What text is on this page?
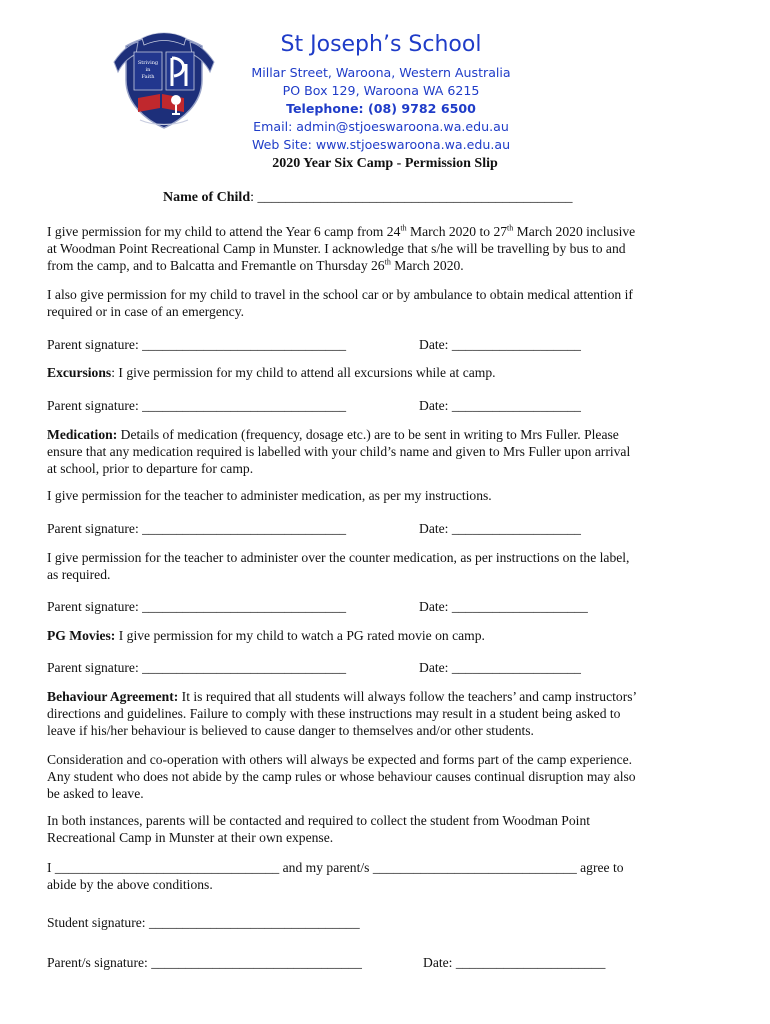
Striving
in
Faith
St Joseph’s School
Millar Street, Waroona, Western Australia
PO Box 129, Waroona WA 6215
Telephone: (08) 9782 6500
Email: admin@stjoeswaroona.wa.edu.au
Web Site: www.stjoeswaroona.wa.edu.au
2020 Year Six Camp - Permission Slip
Name of Child: _____________________________________________
I give permission for my child to attend the Year 6 camp from 24th March 2020 to 27th March 2020 inclusive
at Woodman Point Recreational Camp in Munster. I acknowledge that s/he will be travelling by bus to and
from the camp, and to Balcatta and Fremantle on Thursday 26th March 2020.
I also give permission for my child to travel in the school car or by ambulance to obtain medical attention if
required or in case of an emergency.
Parent signature: ______________________________	Date: ___________________
Excursions: I give permission for my child to attend all excursions while at camp.
Parent signature: ______________________________	Date: ___________________
Medication: Details of medication (frequency, dosage etc.) are to be sent in writing to Mrs Fuller. Please
ensure that any medication required is labelled with your child’s name and given to Mrs Fuller upon arrival
at school, prior to departure for camp.
I give permission for the teacher to administer medication, as per my instructions.
Parent signature: ______________________________	Date: ___________________
I give permission for the teacher to administer over the counter medication, as per instructions on the label,
as required.
Parent signature: ______________________________	Date: ____________________
PG Movies: I give permission for my child to watch a PG rated movie on camp.
Parent signature: ______________________________	Date: ___________________
Behaviour Agreement: It is required that all students will always follow the teachers’ and camp instructors’
directions and guidelines. Failure to comply with these instructions may result in a student being asked to
leave if his/her behaviour is believed to cause danger to themselves and/or other students.
Consideration and co-operation with others will always be expected and forms part of the camp experience.
Any student who does not abide by the camp rules or whose behaviour causes continual disruption may also
be asked to leave.
In both instances, parents will be contacted and required to collect the student from Woodman Point
Recreational Camp in Munster at their own expense.
I _________________________________ and my parent/s ______________________________ agree to
abide by the above conditions.
Student signature: _______________________________
Parent/s signature: _______________________________	Date: ______________________
